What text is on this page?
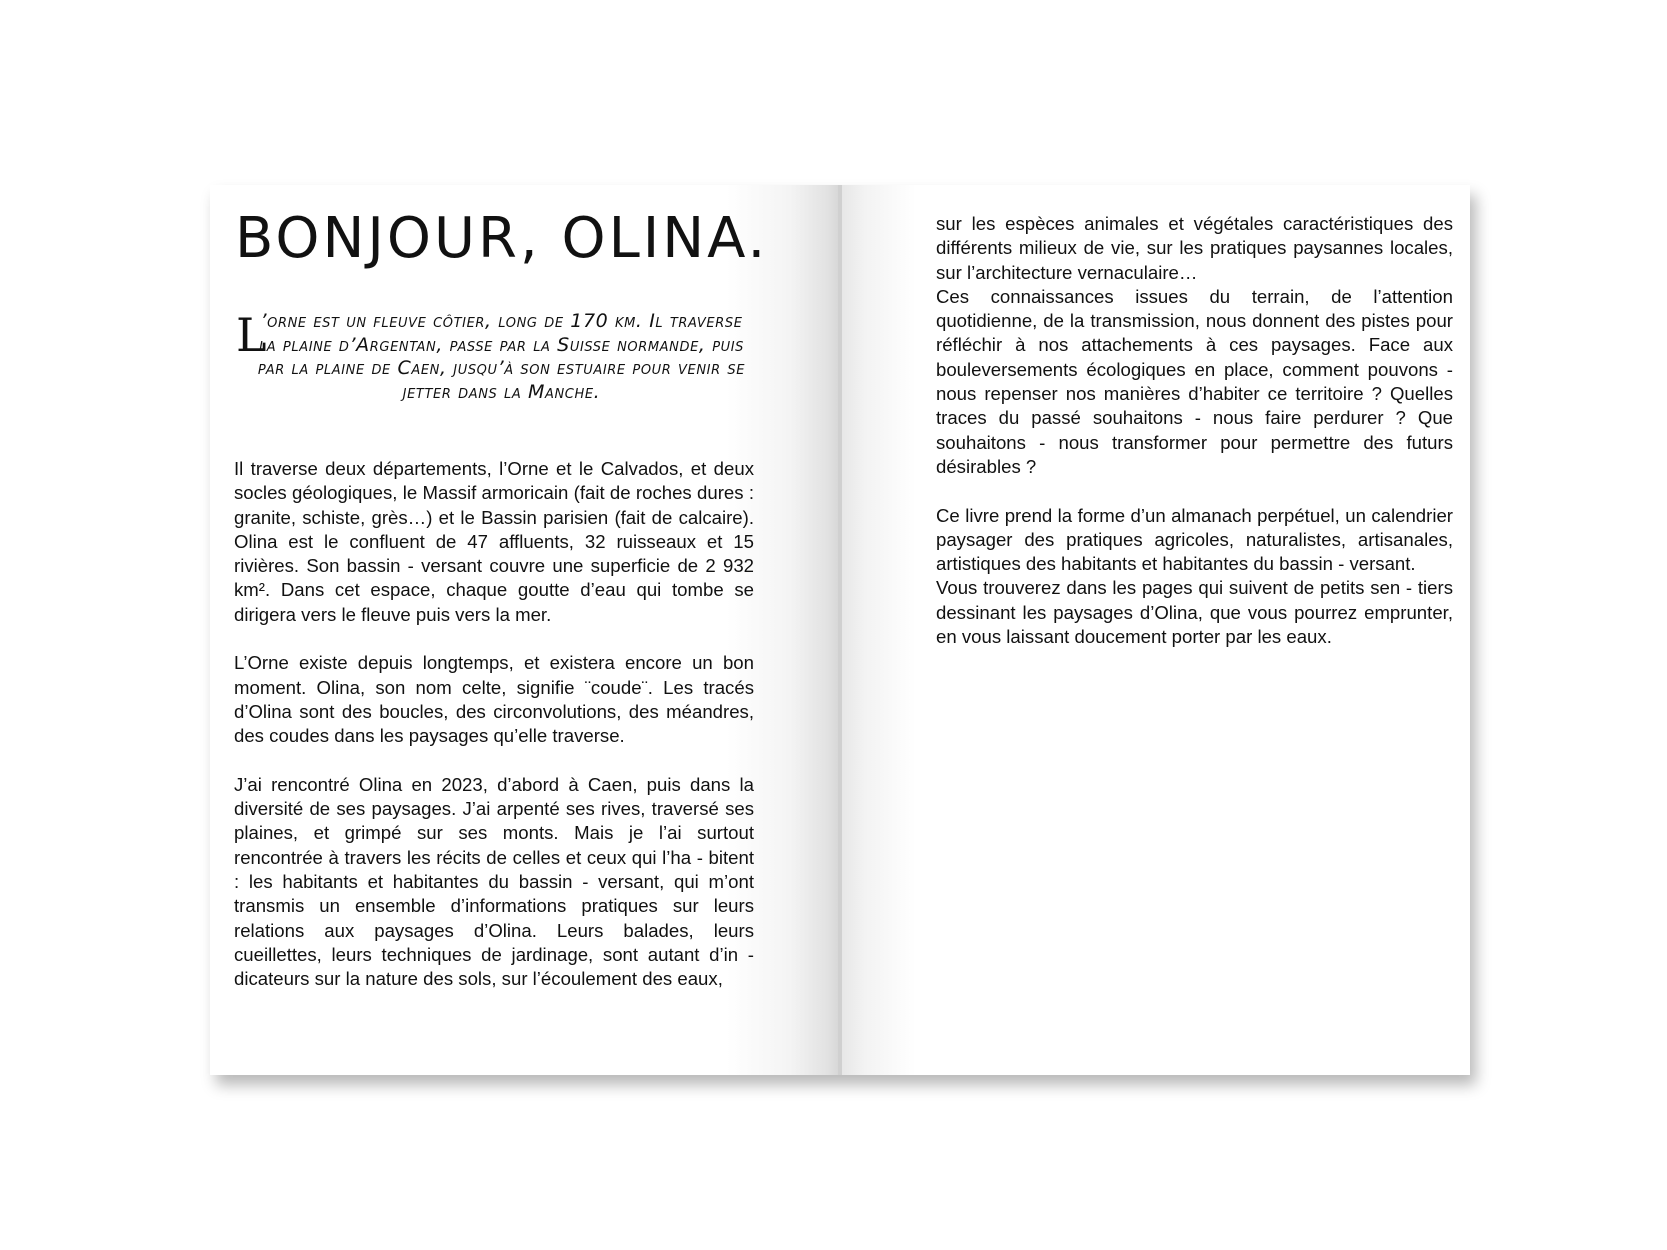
BONJOUR, OLINA.
L

’orne est un fleuve côtier, long de 170 km. Il traverse la plaine d’Argentan, passe par la Suisse normande, puis par la plaine de Caen, jusqu’à son estuaire pour venir se jetter dans la Manche.

Il traverse deux départements, l’Orne et le Calvados, et deux socles géologiques, le Massif armoricain (fait de roches dures : granite, schiste, grès…) et le Bassin parisien (fait de calcaire). Olina est le confluent de 47 affluents, 32 ruisseaux et 15 rivières. Son bassin - versant couvre une superficie de 2 932 km². Dans cet espace, chaque goutte d’eau qui tombe se dirigera vers le fleuve puis vers la mer.

L’Orne existe depuis longtemps, et existera encore un bon moment. Olina, son nom celte, signifie ¨coude¨. Les tracés d’Olina sont des boucles, des circonvolutions, des méandres, des coudes dans les paysages qu’elle traverse.

J’ai rencontré Olina en 2023, d’abord à Caen, puis dans la diversité de ses paysages. J’ai arpenté ses rives, traversé ses plaines, et grimpé sur ses monts. Mais je l’ai surtout rencontrée à travers les récits de celles et ceux qui l’ha - bitent : les habitants et habitantes du bassin - versant, qui m’ont transmis un ensemble d’informations pratiques sur leurs relations aux paysages d’Olina. Leurs balades, leurs cueillettes, leurs techniques de jardinage, sont autant d’in - dicateurs sur la nature des sols, sur l’écoulement des eaux,

sur les espèces animales et végétales caractéristiques des différents milieux de vie, sur les pratiques paysannes locales, sur l’architecture vernaculaire…

Ces connaissances issues du terrain, de l’attention quotidienne, de la transmission, nous donnent des pistes pour réfléchir à nos attachements à ces paysages. Face aux bouleversements écologiques en place, comment pouvons - nous repenser nos manières d’habiter ce territoire ? Quelles traces du passé souhaitons - nous faire perdurer ? Que souhaitons - nous transformer pour permettre des futurs désirables ?

Ce livre prend la forme d’un almanach perpétuel, un calendrier paysager des pratiques agricoles, naturalistes, artisanales, artistiques des habitants et habitantes du bassin - versant.

Vous trouverez dans les pages qui suivent de petits sen - tiers dessinant les paysages d’Olina, que vous pourrez emprunter, en vous laissant doucement porter par les eaux.
